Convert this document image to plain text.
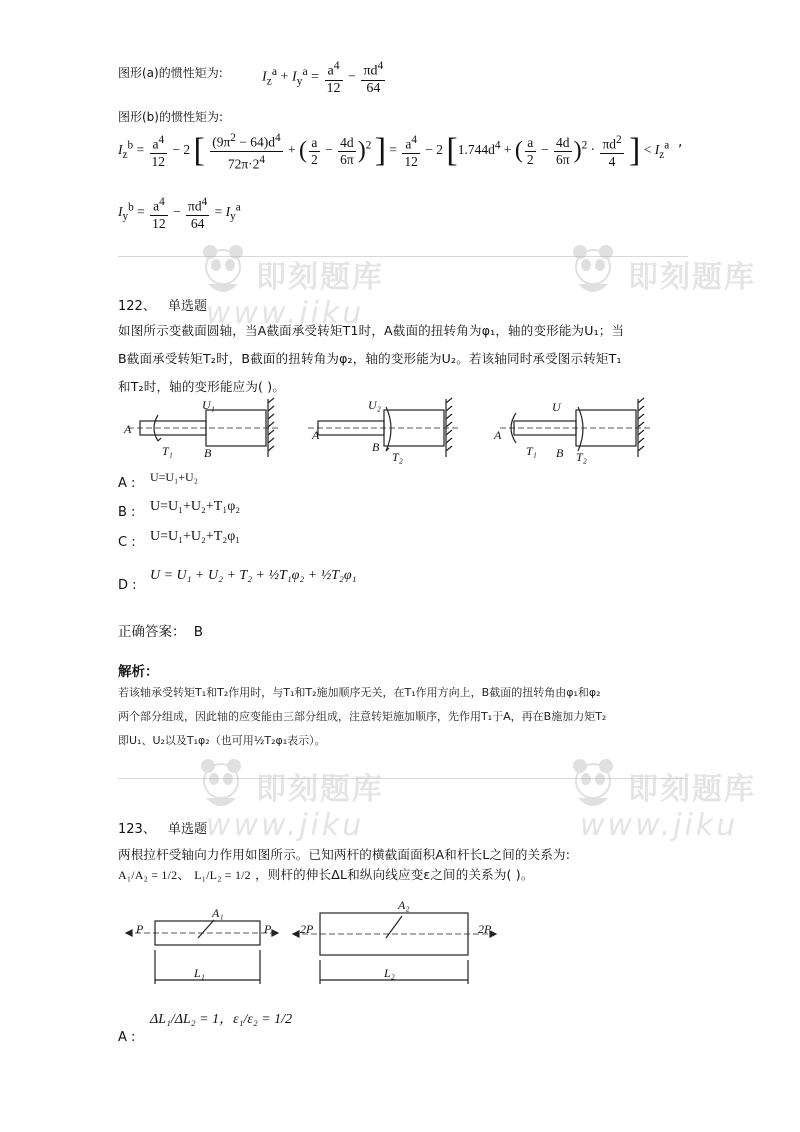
图形(a)的惯性矩为:	$I_z^a + I_y^a = \frac{a^4}{12} - \frac{\pi d^4}{64}$
图形(b)的惯性矩为:
$I_z^b = \frac{a^4}{12} - 2$ [ $\frac{(9\pi^2 - 64)d^4}{72\pi\cdot 2^4}$ + ( $\frac{a}{2} - \frac{4d}{6\pi} )^2$ ] = $\frac{a^4}{12} - 2$ [$1.744d^4$ + ( $\frac{a}{2} - \frac{4d}{6\pi} )^2 \cdot \frac{\pi d^2}{4}$ ] < $I_z^a$ ,
$I_y^b = \frac{a^4}{12} - \frac{\pi d^4}{64} = I_y^a$
即刻题库
www.jiku
即刻题库
122、 单选题
如图所示变截面圆轴，当A截面承受转矩T1时，A截面的扭转角为φ₁，轴的变形能为U₁；当
B截面承受转矩T₂时，B截面的扭转角为φ₂，轴的变形能为U₂。若该轴同时承受图示转矩T₁
和T₂时，轴的变形能应为( )。
A
T₁	B
U₁
A
B
T₂
U₂
A
T₁ B T₂
U
A : U=U₁+U₂
B : U=U₁+U₂+T₁φ₂
C : U=U₁+U₂+T₂φ₁
D :
U = U₁ + U₂ + T₂ + ½T₁φ₂ + ½T₂φ₁
正确答案： B
解析：
若该轴承受转矩T₁和T₂作用时，与T₁和T₂施加顺序无关，在T₁作用方向上，B截面的扭转角由φ₁和φ₂
两个部分组成，因此轴的应变能由三部分组成，注意转矩施加顺序，先作用T₁于A，再在B施加力矩T₂
即U₁、U₂以及T₁φ₂（也可用½T₂φ₁表示）。
即刻题库
www.jiku
即刻题库
www.jiku
123、 单选题
两根拉杆受轴向力作用如图所示。已知两杆的横截面面积A和杆长L之间的关系为:
A₁/A₂ = 1/2、 L₁/L₂ = 1/2 ，则杆的伸长ΔL和纵向线应变ε之间的关系为( )。
P	P
A₁
L₁
2P	2P
A₂
L₂
A :
ΔL₁/ΔL₂ = 1，ε₁/ε₂ = 1/2
